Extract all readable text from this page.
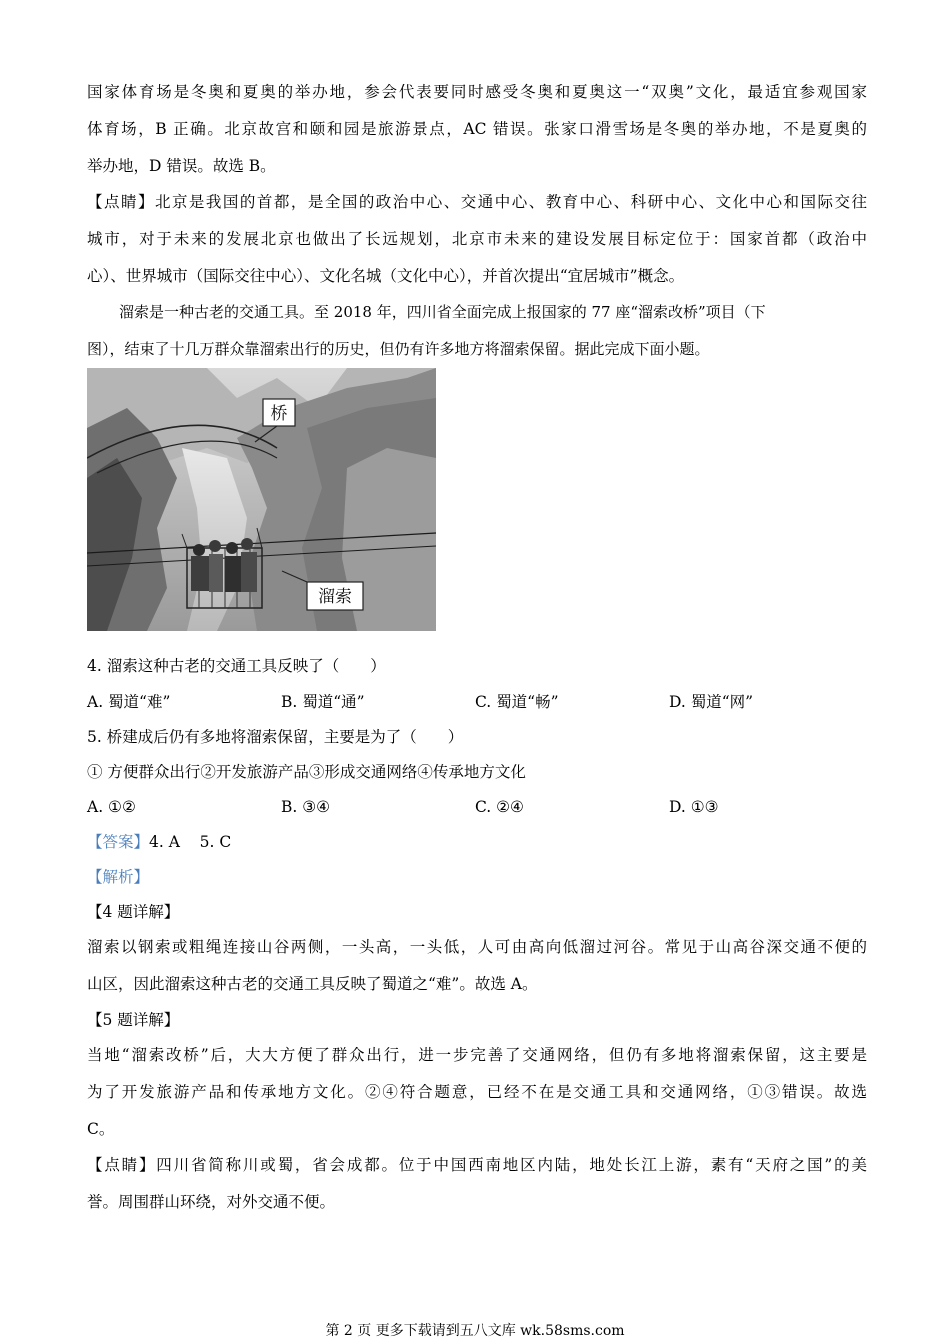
国家体育场是冬奥和夏奥的举办地，参会代表要同时感受冬奥和夏奥这一“双奥”文化，最适宜参观国家
体育场，B 正确。北京故宫和颐和园是旅游景点，AC 错误。张家口滑雪场是冬奥的举办地，不是夏奥的
举办地，D 错误。故选 B。
【点睛】北京是我国的首都，是全国的政治中心、交通中心、教育中心、科研中心、文化中心和国际交往
城市，对于未来的发展北京也做出了长远规划，北京市未来的建设发展目标定位于：国家首都（政治中
心）、世界城市（国际交往中心）、文化名城（文化中心），并首次提出“宜居城市”概念。
溜索是一种古老的交通工具。至 2018 年，四川省全面完成上报国家的 77 座“溜索改桥”项目（下
图），结束了十几万群众靠溜索出行的历史，但仍有许多地方将溜索保留。据此完成下面小题。
桥
溜索
4. 溜索这种古老的交通工具反映了（　　）
A. 蜀道“难”	B. 蜀道“通”	C. 蜀道“畅”	D. 蜀道“网”
5. 桥建成后仍有多地将溜索保留，主要是为了（　　）
① 方便群众出行②开发旅游产品③形成交通网络④传承地方文化
A. ①②	B. ③④	C. ②④	D. ①③
【答案】4. A    5. C
【解析】
【4 题详解】
溜索以钢索或粗绳连接山谷两侧，一头高，一头低，人可由高向低溜过河谷。常见于山高谷深交通不便的
山区，因此溜索这种古老的交通工具反映了蜀道之“难”。故选 A。
【5 题详解】
当地“溜索改桥”后，大大方便了群众出行，进一步完善了交通网络，但仍有多地将溜索保留，这主要是
为了开发旅游产品和传承地方文化。②④符合题意，已经不在是交通工具和交通网络，①③错误。故选
C。
【点睛】四川省简称川或蜀，省会成都。位于中国西南地区内陆，地处长江上游，素有“天府之国”的美
誉。周围群山环绕，对外交通不便。
第 2 页 更多下载请到五八文库 wk.58sms.com
